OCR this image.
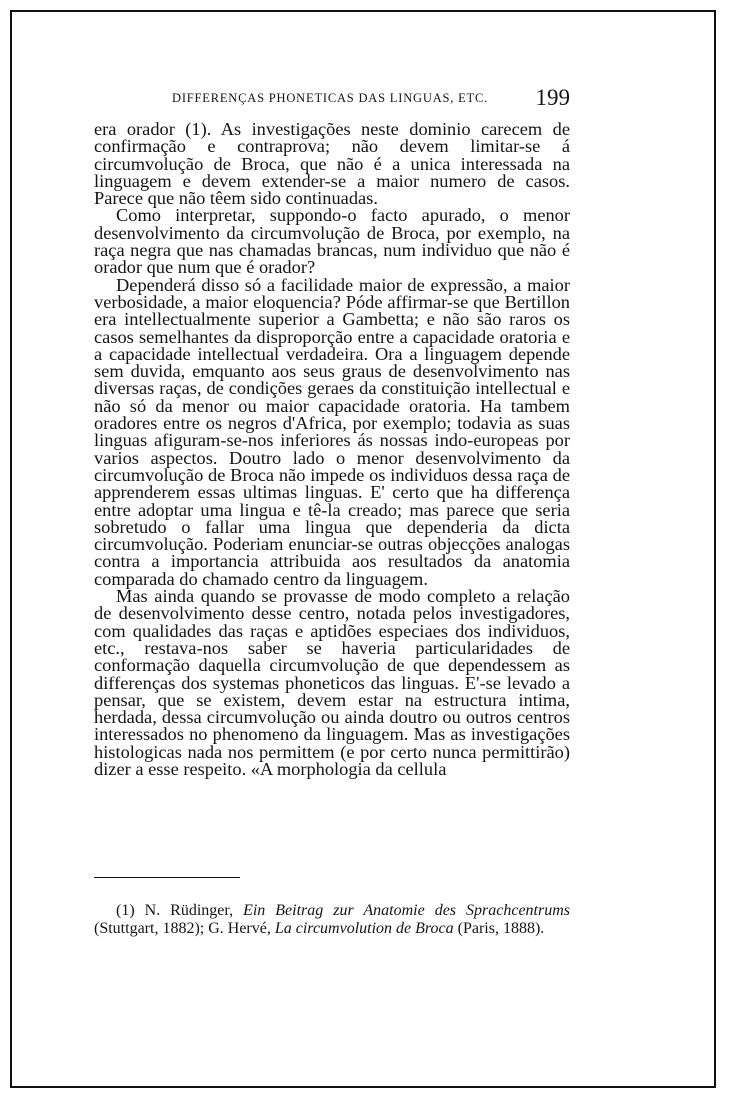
DIFFERENÇAS PHONETICAS DAS LINGUAS, ETC. 199

era orador (1). As investigações neste dominio carecem de confirmação e contraprova; não devem limitar-se á circumvolução de Broca, que não é a unica interessada na linguagem e devem extender-se a maior numero de casos. Parece que não têem sido continuadas.

Como interpretar, suppondo-o facto apurado, o menor desenvolvimento da circumvolução de Broca, por exemplo, na raça negra que nas chamadas brancas, num individuo que não é orador que num que é orador?

Dependerá disso só a facilidade maior de expressão, a maior verbosidade, a maior eloquencia? Póde affirmar-se que Bertillon era intellectualmente superior a Gambetta; e não são raros os casos semelhantes da disproporção entre a capacidade oratoria e a capacidade intellectual verdadeira. Ora a linguagem depende sem duvida, emquanto aos seus graus de desenvolvimento nas diversas raças, de condições geraes da constituição intellectual e não só da menor ou maior capacidade oratoria. Ha tambem oradores entre os negros d'Africa, por exemplo; todavia as suas linguas afiguram-se-nos inferiores ás nossas indo-europeas por varios aspectos. Doutro lado o menor desenvolvimento da circumvolução de Broca não impede os individuos dessa raça de apprenderem essas ultimas linguas. E' certo que ha differença entre adoptar uma lingua e tê-la creado; mas parece que seria sobretudo o fallar uma lingua que dependeria da dicta circumvolução. Poderiam enunciar-se outras objecções analogas contra a importancia attribuida aos resultados da anatomia comparada do chamado centro da linguagem.

Mas ainda quando se provasse de modo completo a relação de desenvolvimento desse centro, notada pelos investigadores, com qualidades das raças e aptidões especiaes dos individuos, etc., restava-nos saber se haveria particularidades de conformação daquella circumvolução de que dependessem as differenças dos systemas phoneticos das linguas. E'-se levado a pensar, que se existem, devem estar na estructura intima, herdada, dessa circumvolução ou ainda doutro ou outros centros interessados no phenomeno da linguagem. Mas as investigações histologicas nada nos permittem (e por certo nunca permittirão) dizer a esse respeito. «A morphologia da cellula

(1) N. Rüdinger, Ein Beitrag zur Anatomie des Sprachcentrums (Stuttgart, 1882); G. Hervé, La circumvolution de Broca (Paris, 1888).
